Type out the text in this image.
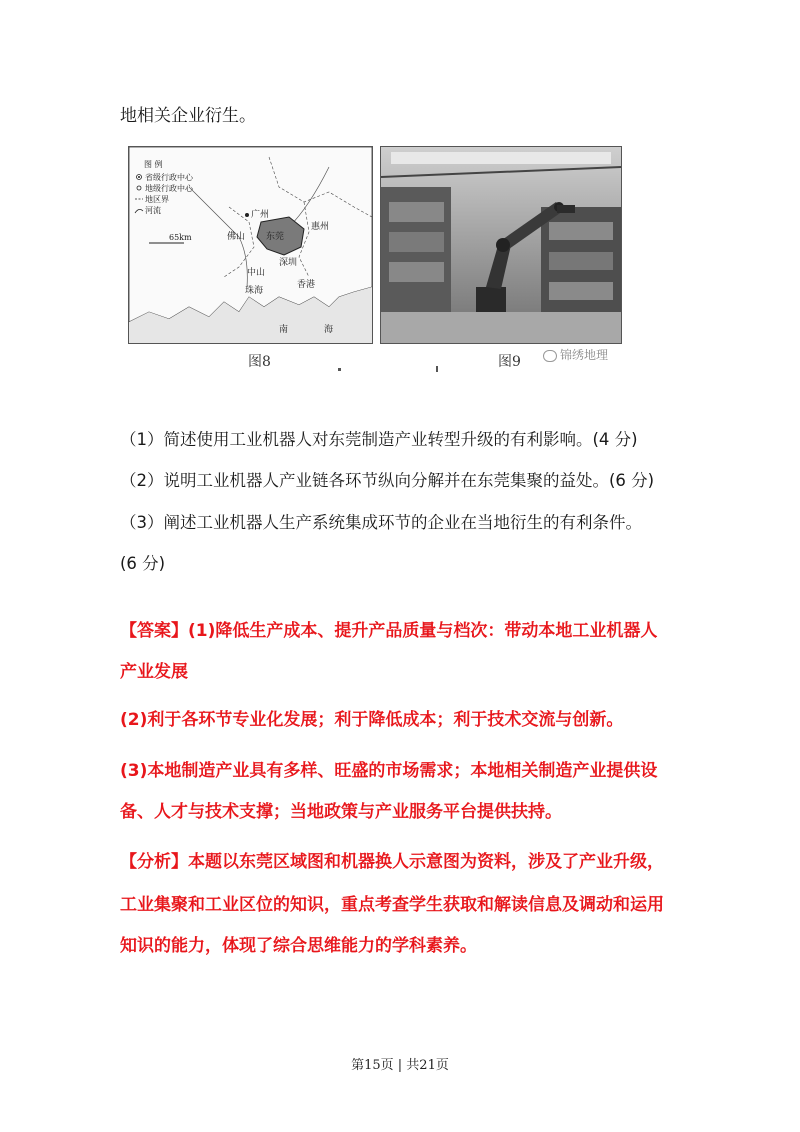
地相关企业衍生。
图 例
省级行政中心
地级行政中心
地区界
河流
65km
广州
东莞
惠州
佛山
深圳
中山
珠海
香港
南	海
图8	图9	锦绣地理
（1）简述使用工业机器人对东莞制造产业转型升级的有利影响。(4 分)
（2）说明工业机器人产业链各环节纵向分解并在东莞集聚的益处。(6 分)
（3）阐述工业机器人生产系统集成环节的企业在当地衍生的有利条件。
(6 分)
【答案】(1)降低生产成本、提升产品质量与档次：带动本地工业机器人
产业发展
(2)利于各环节专业化发展；利于降低成本；利于技术交流与创新。
(3)本地制造产业具有多样、旺盛的市场需求；本地相关制造产业提供设
备、人才与技术支撑；当地政策与产业服务平台提供扶持。
【分析】本题以东莞区域图和机器换人示意图为资料，涉及了产业升级，
工业集聚和工业区位的知识，重点考查学生获取和解读信息及调动和运用
知识的能力，体现了综合思维能力的学科素养。
第15页 | 共21页
